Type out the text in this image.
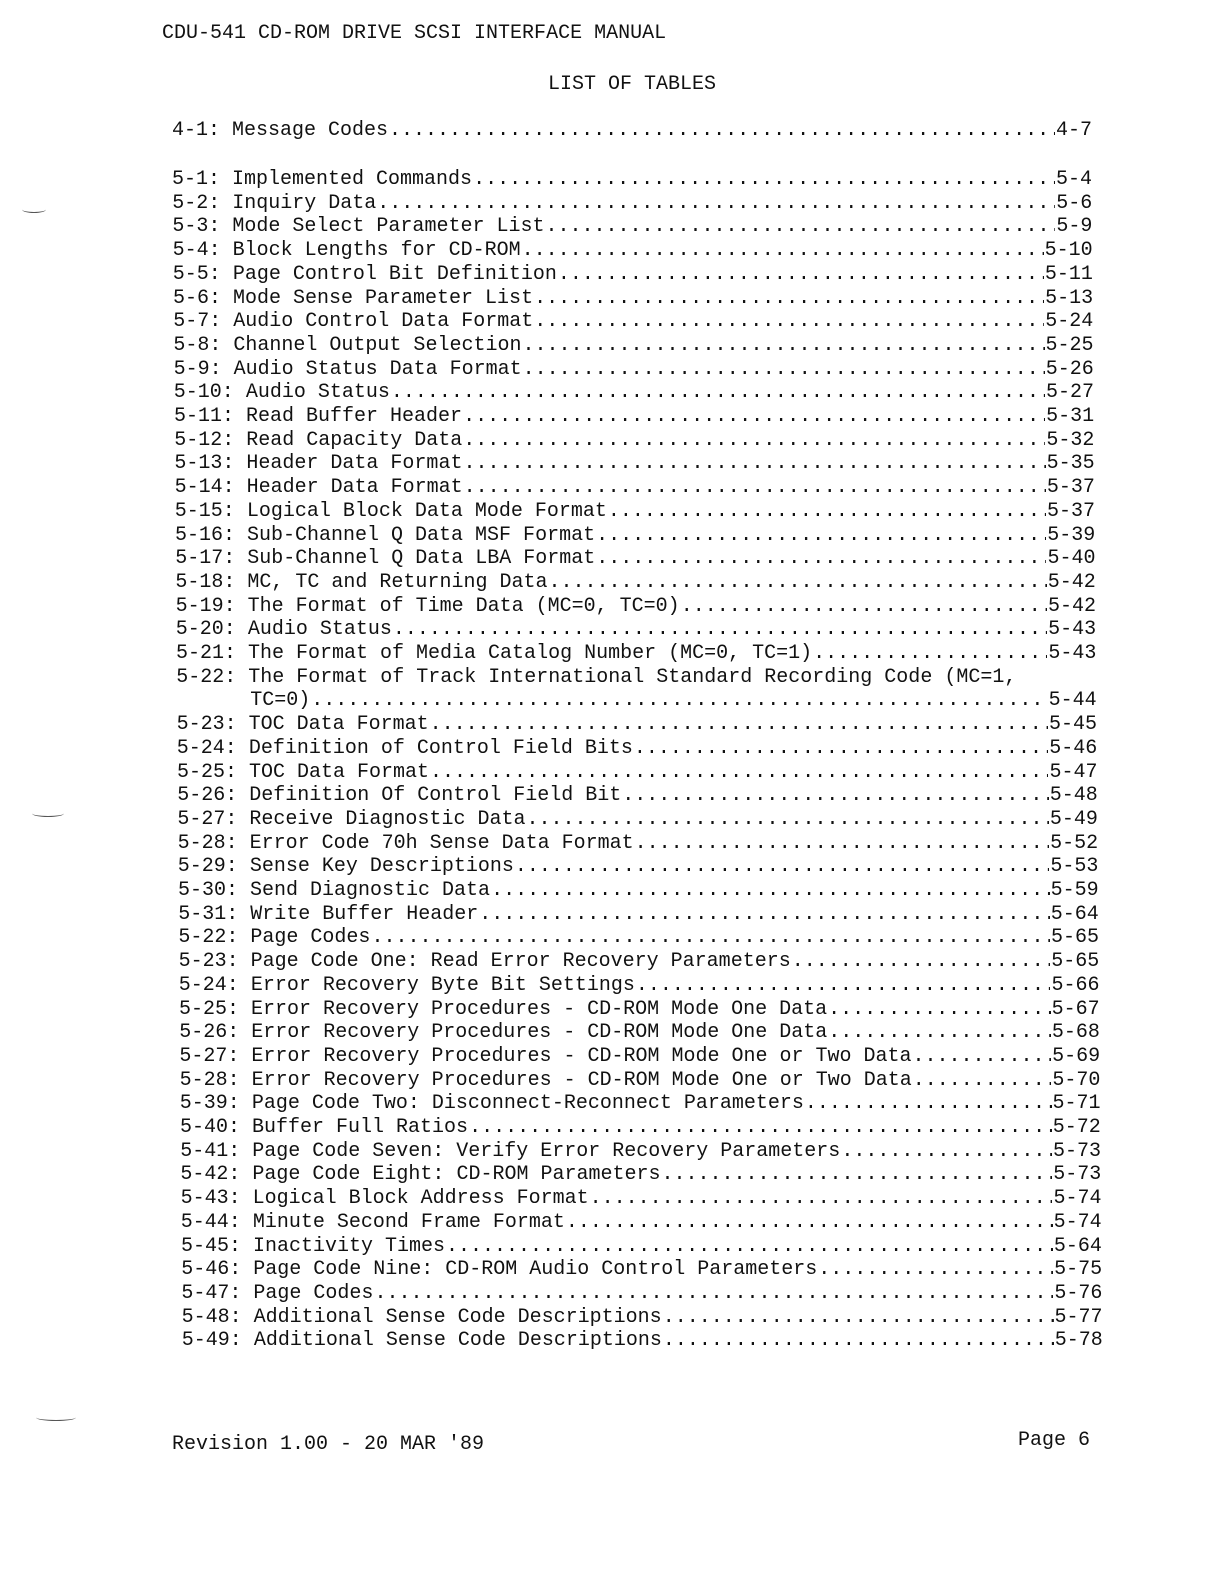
CDU-541 CD-ROM DRIVE SCSI INTERFACE MANUAL
LIST OF TABLES
4-1: Message Codes .....	4-7
5-1: Implemented Commands .....	5-4
5-2: Inquiry Data .....	5-6
5-3: Mode Select Parameter List .....	5-9
5-4: Block Lengths for CD-ROM .....	5-10
5-5: Page Control Bit Definition .....	5-11
5-6: Mode Sense Parameter List .....	5-13
5-7: Audio Control Data Format .....	5-24
5-8: Channel Output Selection .....	5-25
5-9: Audio Status Data Format .....	5-26
5-10: Audio Status .....	5-27
5-11: Read Buffer Header .....	5-31
5-12: Read Capacity Data .....	5-32
5-13: Header Data Format .....	5-35
5-14: Header Data Format .....	5-37
5-15: Logical Block Data Mode Format .....	5-37
5-16: Sub-Channel Q Data MSF Format .....	5-39
5-17: Sub-Channel Q Data LBA Format .....	5-40
5-18: MC, TC and Returning Data .....	5-42
5-19: The Format of Time Data (MC=0, TC=0) .....	5-42
5-20: Audio Status .....	5-43
5-21: The Format of Media Catalog Number (MC=0, TC=1) .....	5-43
5-22: The Format of Track International Standard Recording Code (MC=1,
TC=0) .....	5-44
5-23: TOC Data Format .....	5-45
5-24: Definition of Control Field Bits .....	5-46
5-25: TOC Data Format .....	5-47
5-26: Definition Of Control Field Bit .....	5-48
5-27: Receive Diagnostic Data .....	5-49
5-28: Error Code 70h Sense Data Format .....	5-52
5-29: Sense Key Descriptions .....	5-53
5-30: Send Diagnostic Data .....	5-59
5-31: Write Buffer Header .....	5-64
5-22: Page Codes .....	5-65
5-23: Page Code One: Read Error Recovery Parameters .....	5-65
5-24: Error Recovery Byte Bit Settings .....	5-66
5-25: Error Recovery Procedures - CD-ROM Mode One Data .....	5-67
5-26: Error Recovery Procedures - CD-ROM Mode One Data .....	5-68
5-27: Error Recovery Procedures - CD-ROM Mode One or Two Data .....	5-69
5-28: Error Recovery Procedures - CD-ROM Mode One or Two Data .....	5-70
5-39: Page Code Two: Disconnect-Reconnect Parameters .....	5-71
5-40: Buffer Full Ratios .....	5-72
5-41: Page Code Seven: Verify Error Recovery Parameters .....	5-73
5-42: Page Code Eight: CD-ROM Parameters .....	5-73
5-43: Logical Block Address Format .....	5-74
5-44: Minute Second Frame Format .....	5-74
5-45: Inactivity Times .....	5-64
5-46: Page Code Nine: CD-ROM Audio Control Parameters .....	5-75
5-47: Page Codes .....	5-76
5-48: Additional Sense Code Descriptions .....	5-77
5-49: Additional Sense Code Descriptions .....	5-78
Revision 1.00 - 20 MAR '89	Page 6
